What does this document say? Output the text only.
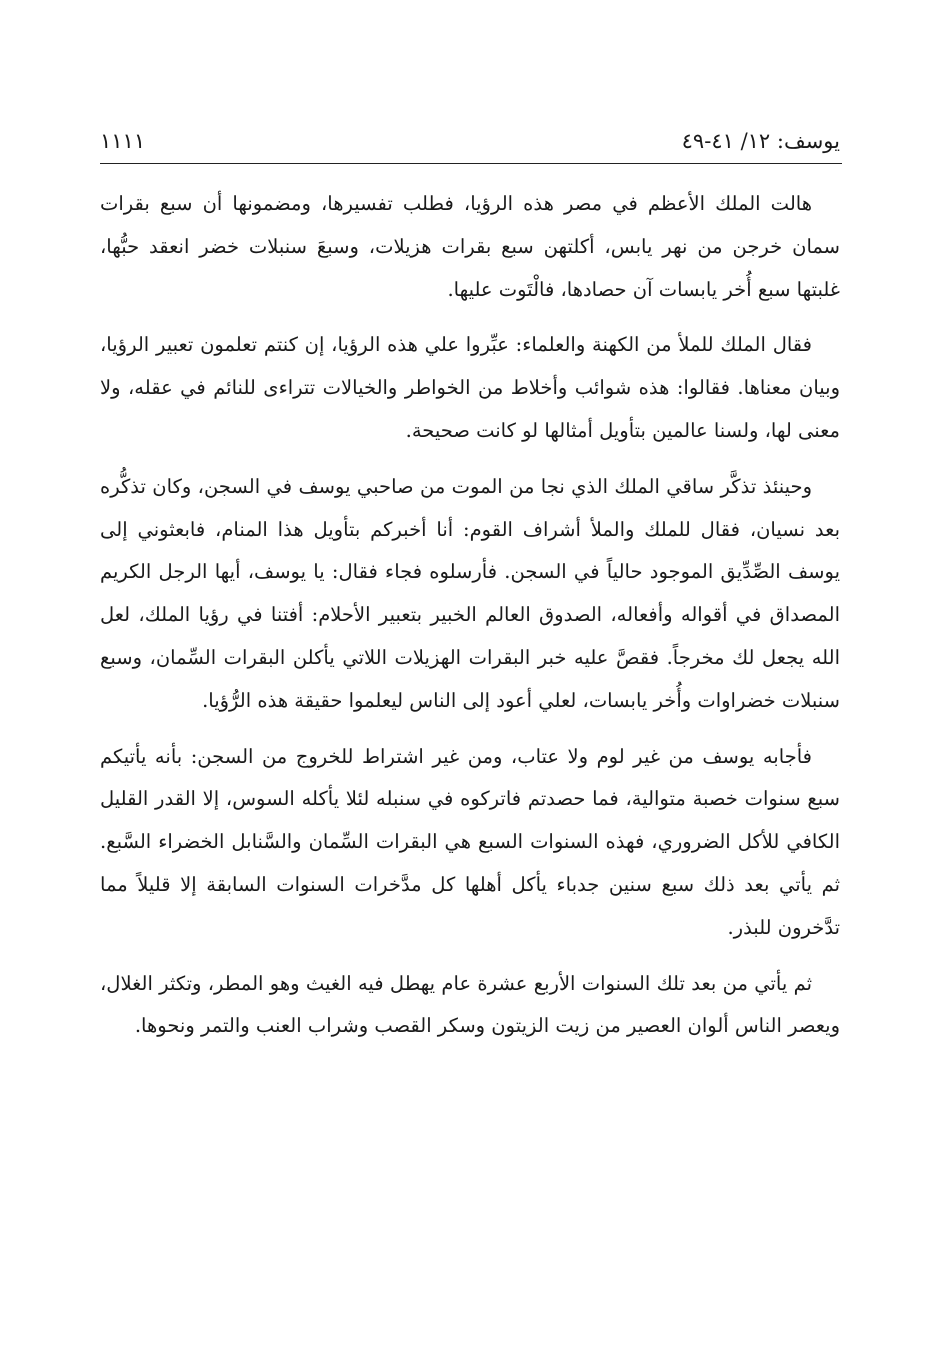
يوسف: ١٢/ ٤١-٤٩
١١١١

هالت الملك الأعظم في مصر هذه الرؤيا، فطلب تفسيرها، ومضمونها أن سبع بقرات سمان خرجن من نهر يابس، أكلتهن سبع بقرات هزيلات، وسبعَ سنبلات خضر انعقد حبُّها، غلبتها سبع أُخر يابسات آن حصادها، فالْتَوت عليها.

فقال الملك للملأ من الكهنة والعلماء: عبِّروا علي هذه الرؤيا، إن كنتم تعلمون تعبير الرؤيا، وبيان معناها. فقالوا: هذه شوائب وأخلاط من الخواطر والخيالات تتراءى للنائم في عقله، ولا معنى لها، ولسنا عالمين بتأويل أمثالها لو كانت صحيحة.

وحينئذ تذكَّر ساقي الملك الذي نجا من الموت من صاحبي يوسف في السجن، وكان تذكُّره بعد نسيان، فقال للملك والملأ أشراف القوم: أنا أخبركم بتأويل هذا المنام، فابعثوني إلى يوسف الصِّدِّيق الموجود حالياً في السجن. فأرسلوه فجاء فقال: يا يوسف، أيها الرجل الكريم المصداق في أقواله وأفعاله، الصدوق العالم الخبير بتعبير الأحلام: أفتنا في رؤيا الملك، لعل الله يجعل لك مخرجاً. فقصَّ عليه خبر البقرات الهزيلات اللاتي يأكلن البقرات السِّمان، وسبع سنبلات خضراوات وأُخر يابسات، لعلي أعود إلى الناس ليعلموا حقيقة هذه الرُّؤيا.

فأجابه يوسف من غير لوم ولا عتاب، ومن غير اشتراط للخروج من السجن: بأنه يأتيكم سبع سنوات خصبة متوالية، فما حصدتم فاتركوه في سنبله لئلا يأكله السوس، إلا القدر القليل الكافي للأكل الضروري، فهذه السنوات السبع هي البقرات السِّمان والسَّنابل الخضراء السَّبع. ثم يأتي بعد ذلك سبع سنين جدباء يأكل أهلها كل مدَّخرات السنوات السابقة إلا قليلاً مما تدَّخرون للبذر.

ثم يأتي من بعد تلك السنوات الأربع عشرة عام يهطل فيه الغيث وهو المطر، وتكثر الغلال، ويعصر الناس ألوان العصير من زيت الزيتون وسكر القصب وشراب العنب والتمر ونحوها.
